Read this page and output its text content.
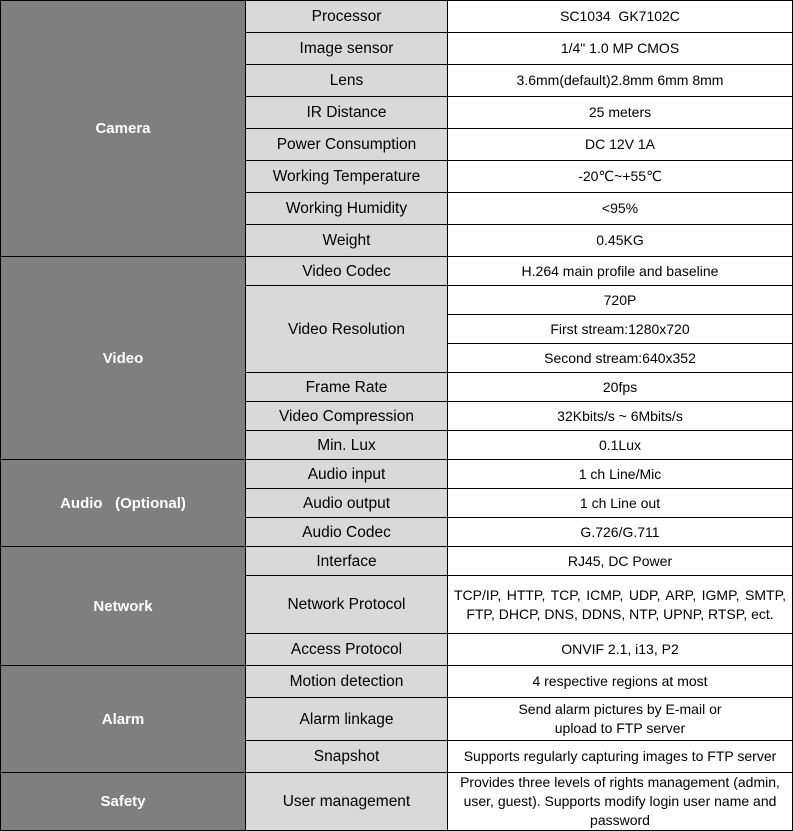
Camera	Processor	SC1034  GK7102C
	Image sensor	1/4" 1.0 MP CMOS
	Lens	3.6mm(default)2.8mm 6mm 8mm
	IR Distance	25 meters
	Power Consumption	DC 12V 1A
	Working Temperature	-20℃~+55℃
	Working Humidity	<95%
	Weight	0.45KG
Video	Video Codec	H.264 main profile and baseline
	Video Resolution	720P
		First stream:1280x720
		Second stream:640x352
	Frame Rate	20fps
	Video Compression	32Kbits/s ~ 6Mbits/s
	Min. Lux	0.1Lux
Audio   (Optional)	Audio input	1 ch Line/Mic
	Audio output	1 ch Line out
	Audio Codec	G.726/G.711
Network	Interface	RJ45, DC Power
	Network Protocol	TCP/IP, HTTP, TCP, ICMP, UDP, ARP, IGMP, SMTP, FTP, DHCP, DNS, DDNS, NTP, UPNP, RTSP, ect.
	Access Protocol	ONVIF 2.1, i13, P2
Alarm	Motion detection	4 respective regions at most
	Alarm linkage	Send alarm pictures by E-mail or upload to FTP server
	Snapshot	Supports regularly capturing images to FTP server
Safety	User management	Provides three levels of rights management (admin, user, guest). Supports modify login user name and password
